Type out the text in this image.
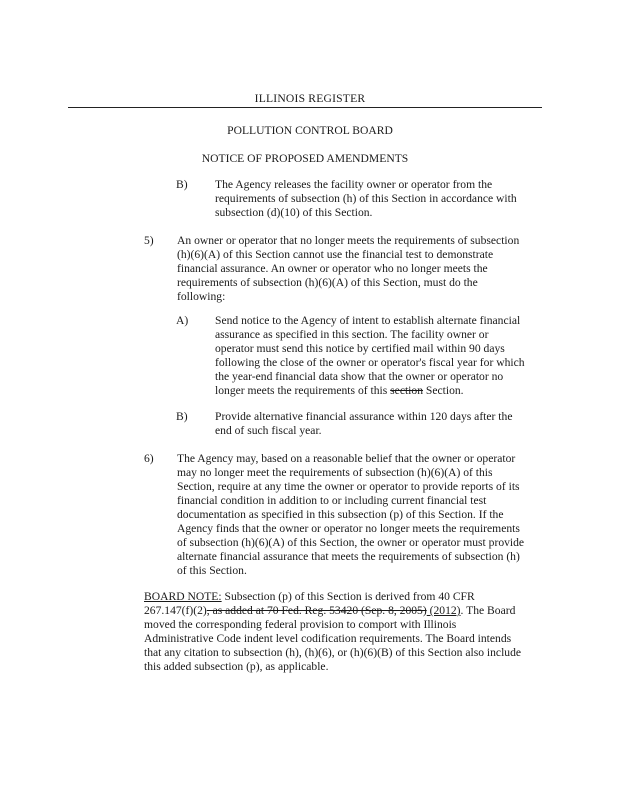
ILLINOIS REGISTER
POLLUTION CONTROL BOARD
NOTICE OF PROPOSED AMENDMENTS
B) The Agency releases the facility owner or operator from the
requirements of subsection (h) of this Section in accordance with
subsection (d)(10) of this Section.
5) An owner or operator that no longer meets the requirements of subsection
(h)(6)(A) of this Section cannot use the financial test to demonstrate
financial assurance. An owner or operator who no longer meets the
requirements of subsection (h)(6)(A) of this Section, must do the
following:
A) Send notice to the Agency of intent to establish alternate financial
assurance as specified in this section. The facility owner or
operator must send this notice by certified mail within 90 days
following the close of the owner or operator's fiscal year for which
the year-end financial data show that the owner or operator no
longer meets the requirements of this section Section.
B) Provide alternative financial assurance within 120 days after the
end of such fiscal year.
6) The Agency may, based on a reasonable belief that the owner or operator
may no longer meet the requirements of subsection (h)(6)(A) of this
Section, require at any time the owner or operator to provide reports of its
financial condition in addition to or including current financial test
documentation as specified in this subsection (p) of this Section. If the
Agency finds that the owner or operator no longer meets the requirements
of subsection (h)(6)(A) of this Section, the owner or operator must provide
alternate financial assurance that meets the requirements of subsection (h)
of this Section.
BOARD NOTE: Subsection (p) of this Section is derived from 40 CFR
267.147(f)(2), as added at 70 Fed. Reg. 53420 (Sep. 8, 2005) (2012). The Board
moved the corresponding federal provision to comport with Illinois
Administrative Code indent level codification requirements. The Board intends
that any citation to subsection (h), (h)(6), or (h)(6)(B) of this Section also include
this added subsection (p), as applicable.
